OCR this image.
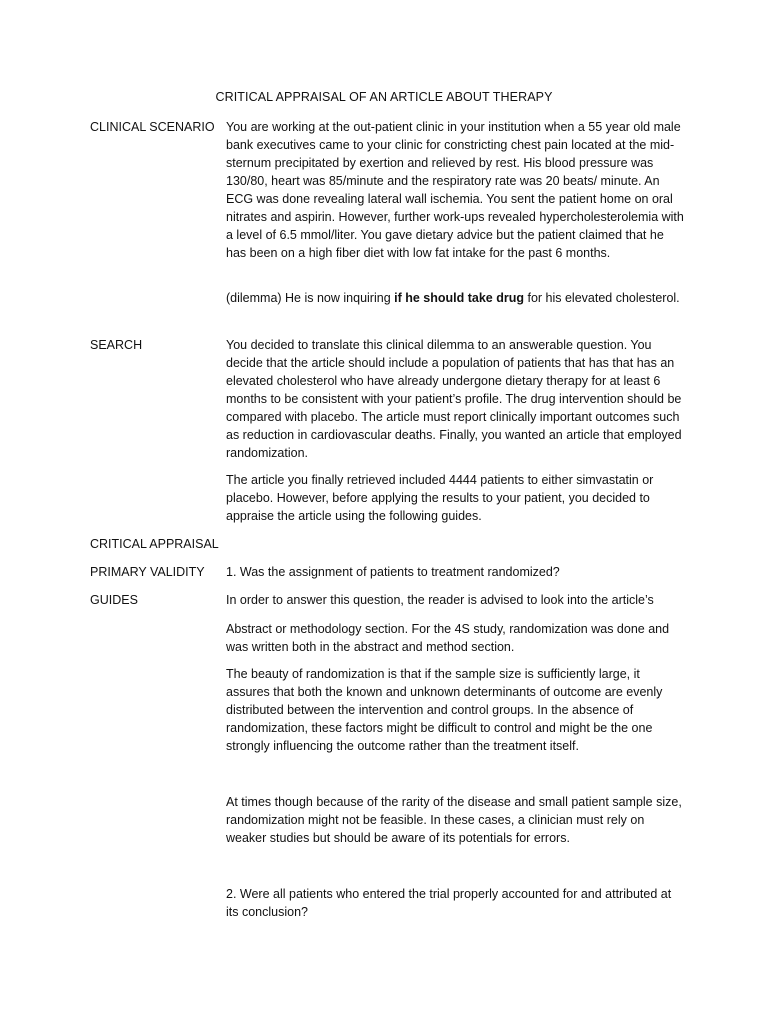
CRITICAL APPRAISAL OF AN ARTICLE ABOUT THERAPY
CLINICAL SCENARIO You are working at the out-patient clinic in your institution when a 55 year old male bank executives came to your clinic for constricting chest pain located at the mid- sternum precipitated by exertion and relieved by rest. His blood pressure was 130/80, heart was 85/minute and the respiratory rate was 20 beats/ minute. An ECG was done revealing lateral wall ischemia. You sent the patient home on oral nitrates and aspirin. However, further work-ups revealed hypercholesterolemia with a level of 6.5 mmol/liter. You gave dietary advice but the patient claimed that he has been on a high fiber diet with low fat intake for the past 6 months.
(dilemma) He is now inquiring if he should take drug for his elevated cholesterol.
SEARCH	You decided to translate this clinical dilemma to an answerable question. You decide that the article should include a population of patients that has that has an elevated cholesterol who have already undergone dietary therapy for at least 6 months to be consistent with your patient’s profile. The drug intervention should be compared with placebo. The article must report clinically important outcomes such as reduction in cardiovascular deaths. Finally, you wanted an article that employed randomization.
The article you finally retrieved included 4444 patients to either simvastatin or placebo. However, before applying the results to your patient, you decided to appraise the article using the following guides.
CRITICAL APPRAISAL
PRIMARY VALIDITY 1. Was the assignment of patients to treatment randomized?
GUIDES	In order to answer this question, the reader is advised to look into the article’s
Abstract or methodology section. For the 4S study, randomization was done and was written both in the abstract and method section.
The beauty of randomization is that if the sample size is sufficiently large, it assures that both the known and unknown determinants of outcome are evenly distributed between the intervention and control groups. In the absence of randomization, these factors might be difficult to control and might be the one strongly influencing the outcome rather than the treatment itself.
At times though because of the rarity of the disease and small patient sample size, randomization might not be feasible. In these cases, a clinician must rely on weaker studies but should be aware of its potentials for errors.
2. Were all patients who entered the trial properly accounted for and attributed at its conclusion?
